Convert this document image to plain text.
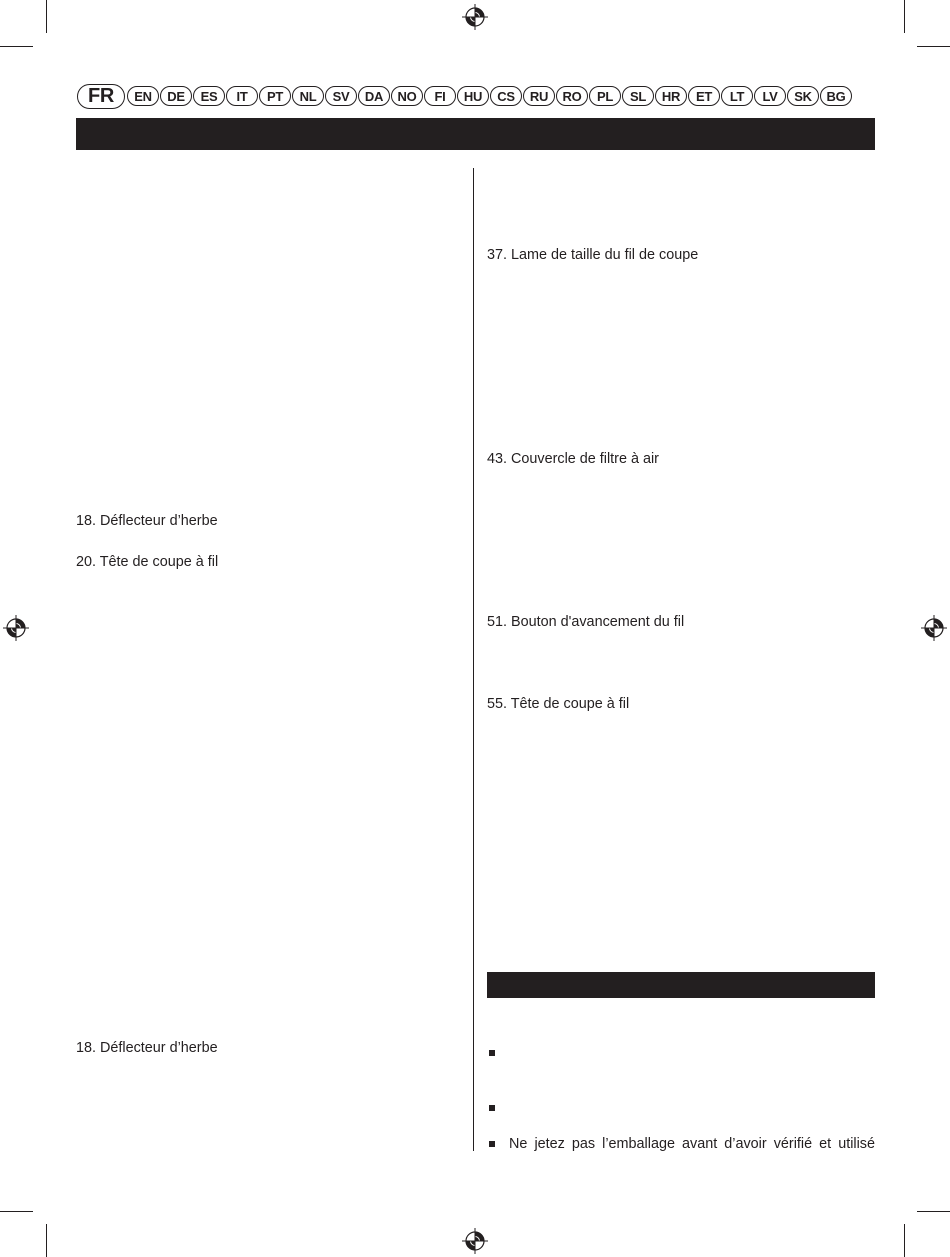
FR	EN	DE	ES	IT	PT	NL	SV	DA	NO	FI	HU	CS	RU	RO	PL	SL	HR	ET	LT	LV	SK	BG
18. Déflecteur d’herbe
20. Tête de coupe à fil
18. Déflecteur d’herbe
37. Lame de taille du fil de coupe
43. Couvercle de filtre à air
51. Bouton d'avancement du fil
55. Tête de coupe à fil
Ne jetez pas l’emballage avant d’avoir vérifié et utilisé
